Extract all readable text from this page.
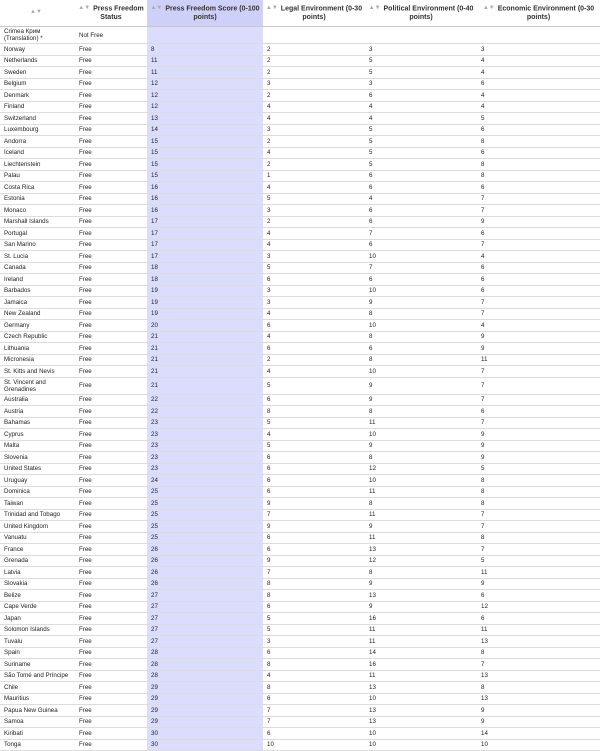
▲▼	▲▼ Press Freedom Status	▲▼ Press Freedom Score (0-100 points)	▲▼ Legal Environment (0-30 points)	▲▼ Political Environment (0-40 points)	▲▼ Economic Environment (0-30 points)
Crimea Крим (Translation) *	Not Free				
Norway	Free	8	2	3	3
Netherlands	Free	11	2	5	4
Sweden	Free	11	2	5	4
Belgium	Free	12	3	3	6
Denmark	Free	12	2	6	4
Finland	Free	12	4	4	4
Switzerland	Free	13	4	4	5
Luxembourg	Free	14	3	5	6
Andorra	Free	15	2	5	8
Iceland	Free	15	4	5	6
Liechtenstein	Free	15	2	5	8
Palau	Free	15	1	6	8
Costa Rica	Free	16	4	6	6
Estonia	Free	16	5	4	7
Monaco	Free	16	3	6	7
Marshall Islands	Free	17	2	6	9
Portugal	Free	17	4	7	6
San Marino	Free	17	4	6	7
St. Lucia	Free	17	3	10	4
Canada	Free	18	5	7	6
Ireland	Free	18	6	6	6
Barbados	Free	19	3	10	6
Jamaica	Free	19	3	9	7
New Zealand	Free	19	4	8	7
Germany	Free	20	6	10	4
Czech Republic	Free	21	4	8	9
Lithuania	Free	21	6	6	9
Micronesia	Free	21	2	8	11
St. Kitts and Nevis	Free	21	4	10	7
St. Vincent and Grenadines	Free	21	5	9	7
Australia	Free	22	6	9	7
Austria	Free	22	8	8	6
Bahamas	Free	23	5	11	7
Cyprus	Free	23	4	10	9
Malta	Free	23	5	9	9
Slovenia	Free	23	6	8	9
United States	Free	23	6	12	5
Uruguay	Free	24	6	10	8
Dominica	Free	25	6	11	8
Taiwan	Free	25	9	8	8
Trinidad and Tobago	Free	25	7	11	7
United Kingdom	Free	25	9	9	7
Vanuatu	Free	25	6	11	8
France	Free	26	6	13	7
Grenada	Free	26	9	12	5
Latvia	Free	26	7	8	11
Slovakia	Free	26	8	9	9
Belize	Free	27	8	13	6
Cape Verde	Free	27	6	9	12
Japan	Free	27	5	16	6
Solomon Islands	Free	27	5	11	11
Tuvalu	Free	27	3	11	13
Spain	Free	28	6	14	8
Suriname	Free	28	8	16	7
São Tomé and Príncipe	Free	28	4	11	13
Chile	Free	29	8	13	8
Mauritius	Free	29	6	10	13
Papua New Guinea	Free	29	7	13	9
Samoa	Free	29	7	13	9
Kiribati	Free	30	6	10	14
Tonga	Free	30	10	10	10
